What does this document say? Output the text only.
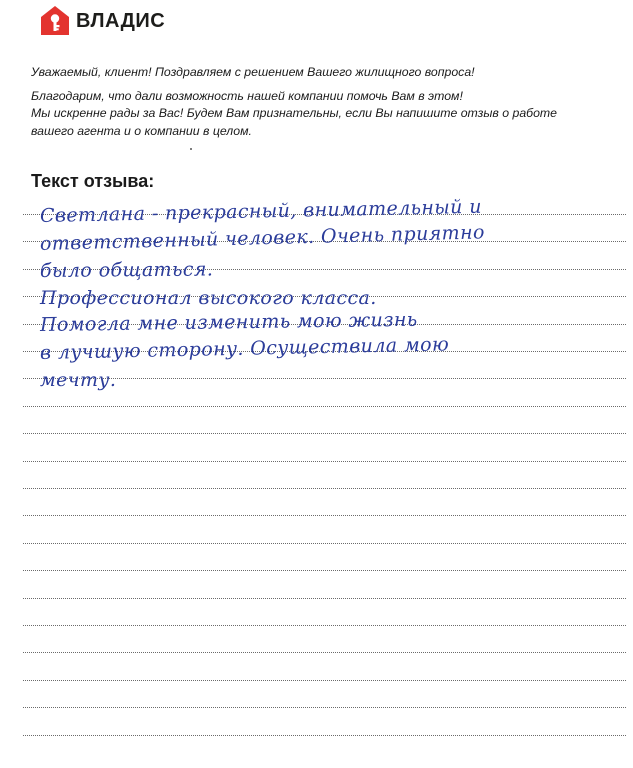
ВЛАДИС

Уважаемый, клиент! Поздравляем с решением Вашего жилищного вопроса!

Благодарим, что дали возможность нашей компании помочь Вам в этом!

Мы искренне рады за Вас! Будем Вам признательны, если Вы напишите отзыв о работе

вашего агента и о компании в целом.

Текст отзыва:
Светлана - прекрасный, внимательный и
ответственный человек. Очень приятно
было общаться.
Профессионал высокого класса.
Помогла мне изменить мою жизнь
в лучшую сторону. Осуществила мою
мечту.
